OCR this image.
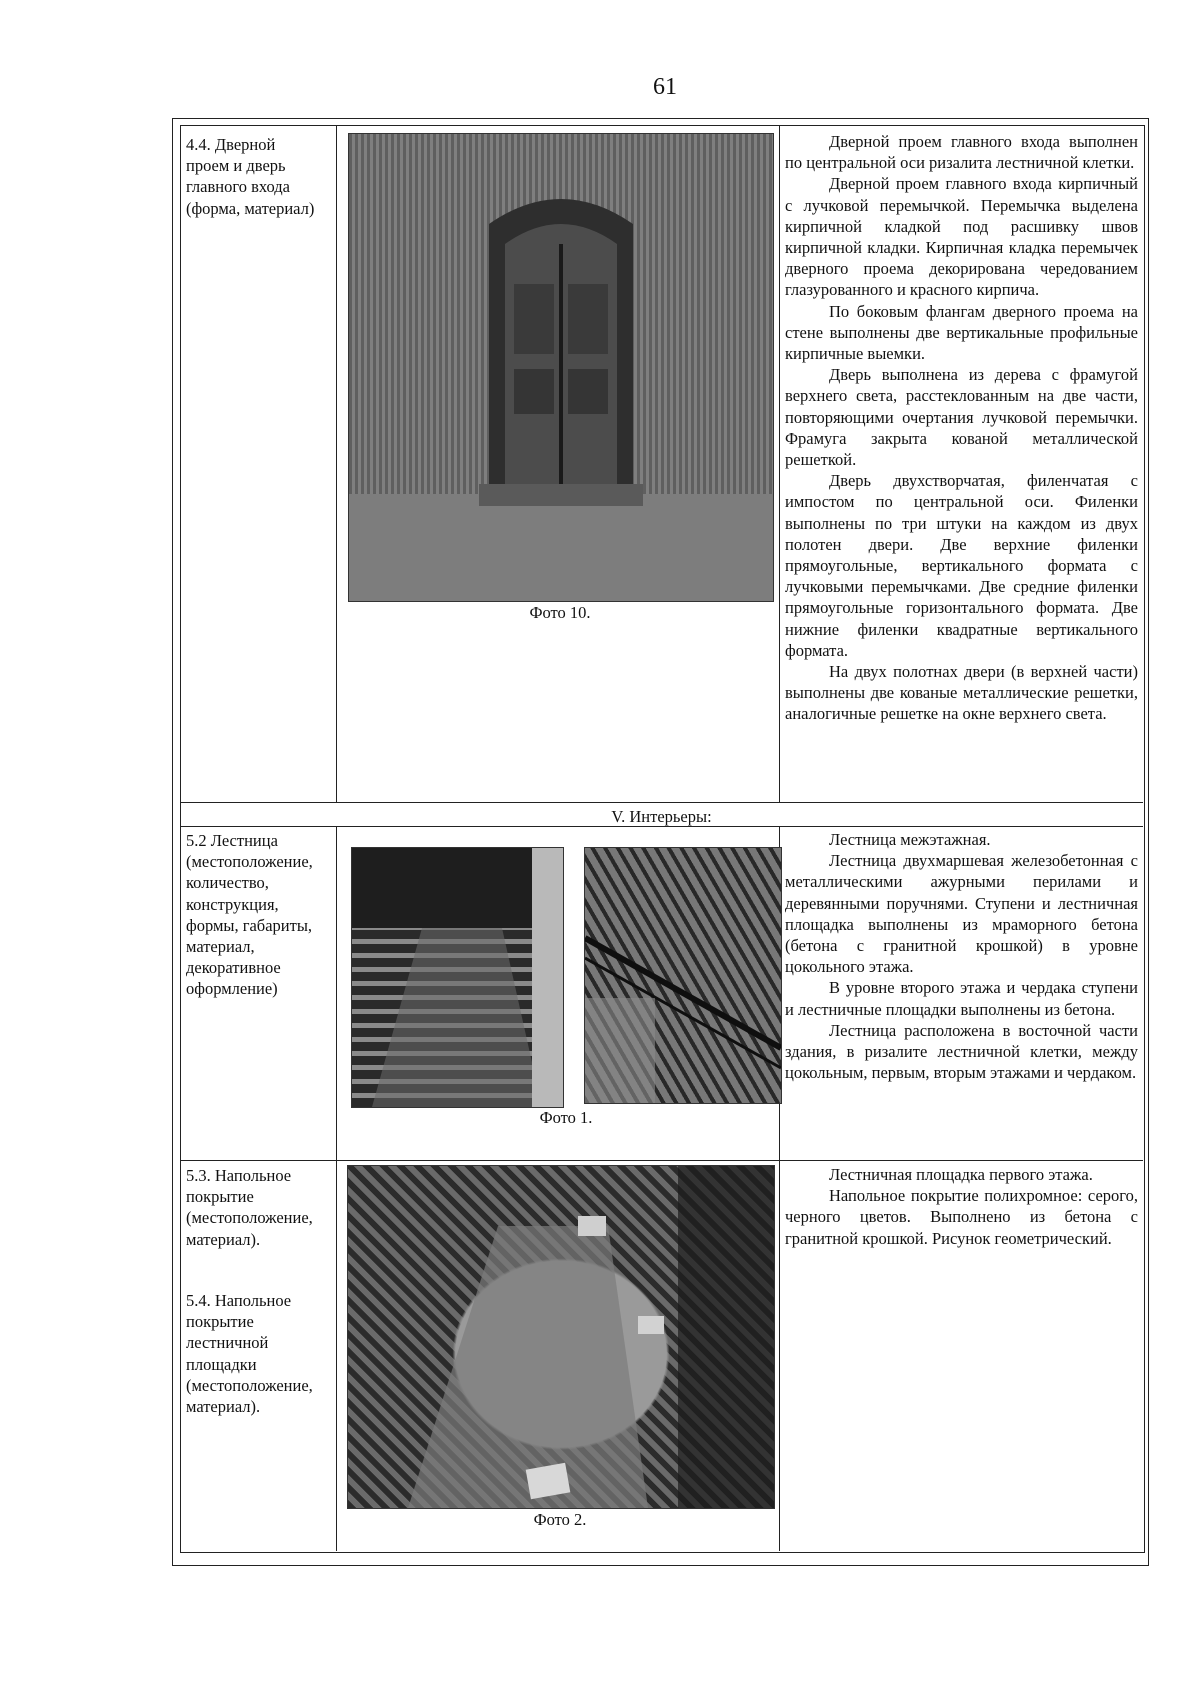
61

4.4. Дверной

проем и дверь

главного входа

(форма, материал)

Фото 10.

Дверной проем главного входа выполнен по центральной оси ризалита лестничной клетки.

Дверной проем главного входа кирпичный с лучковой перемычкой. Перемычка выделена кирпичной кладкой под расшивку швов кирпичной кладки. Кирпичная кладка перемычек дверного проема декорирована чередованием глазурованного и красного кирпича.

По боковым флангам дверного проема на стене выполнены две вертикальные профильные кирпичные выемки.

Дверь выполнена из дерева с фрамугой верхнего света, расстеклованным на две части, повторяющими очертания лучковой перемычки. Фрамуга закрыта кованой металлической решеткой.

Дверь двухстворчатая, филенчатая с импостом по центральной оси. Филенки выполнены по три штуки на каждом из двух полотен двери. Две верхние филенки прямоугольные, вертикального формата с лучковыми перемычками. Две средние филенки прямоугольные горизонтального формата. Две нижние филенки квадратные вертикального формата.

На двух полотнах двери (в верхней части) выполнены две кованые металлические решетки, аналогичные решетке на окне верхнего света.

V. Интерьеры:

5.2 Лестница

(местоположение,

количество,

конструкция,

формы, габариты,

материал,

декоративное

оформление)

Фото 1.

Лестница межэтажная.

Лестница двухмаршевая железобетонная с металлическими ажурными перилами и деревянными поручнями. Ступени и лестничная площадка выполнены из мраморного бетона (бетона с гранитной крошкой) в уровне цокольного этажа.

В уровне второго этажа и чердака ступени и лестничные площадки выполнены из бетона.

Лестница расположена в восточной части здания, в ризалите лестничной клетки, между цокольным, первым, вторым этажами и чердаком.

5.3. Напольное

покрытие

(местоположение,

материал).

5.4. Напольное

покрытие

лестничной

площадки

(местоположение,

материал).

Фото 2.

Лестничная площадка первого этажа.

Напольное покрытие полихромное: серого, черного цветов. Выполнено из бетона с гранитной крошкой. Рисунок геометрический.
